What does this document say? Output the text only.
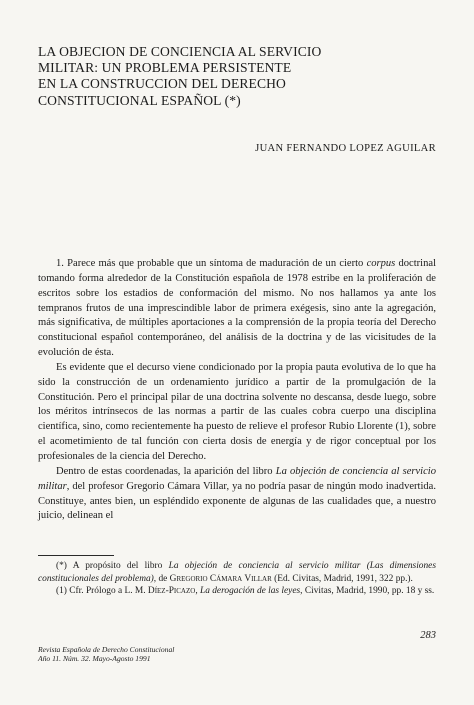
LA OBJECION DE CONCIENCIA AL SERVICIO
MILITAR: UN PROBLEMA PERSISTENTE
EN LA CONSTRUCCION DEL DERECHO
CONSTITUCIONAL ESPAÑOL (*)
JUAN FERNANDO LOPEZ AGUILAR

1. Parece más que probable que un síntoma de maduración de un cierto corpus doctrinal tomando forma alrededor de la Constitución española de 1978 estribe en la proliferación de escritos sobre los estadios de conformación del mismo. No nos hallamos ya ante los tempranos frutos de una imprescindible labor de primera exégesis, sino ante la agregación, más significativa, de múltiples aportaciones a la comprensión de la propia teoría del Derecho constitucional español contemporáneo, del análisis de la doctrina y de las vicisitudes de la evolución de ésta.

Es evidente que el decurso viene condicionado por la propia pauta evolutiva de lo que ha sido la construcción de un ordenamiento jurídico a partir de la promulgación de la Constitución. Pero el principal pilar de una doctrina solvente no descansa, desde luego, sobre los méritos intrínsecos de las normas a partir de las cuales cobra cuerpo una disciplina científica, sino, como recientemente ha puesto de relieve el profesor Rubio Llorente (1), sobre el acometimiento de tal función con cierta dosis de energía y de rigor conceptual por los profesionales de la ciencia del Derecho.

Dentro de estas coordenadas, la aparición del libro La objeción de conciencia al servicio militar, del profesor Gregorio Cámara Villar, ya no podría pasar de ningún modo inadvertida. Constituye, antes bien, un espléndido exponente de algunas de las cualidades que, a nuestro juicio, delinean el

(*) A propósito del libro La objeción de conciencia al servicio militar (Las dimensiones constitucionales del problema), de Gregorio Cámara Villar (Ed. Civitas, Madrid, 1991, 322 pp.).

(1) Cfr. Prólogo a L. M. Díez-Picazo, La derogación de las leyes, Civitas, Madrid, 1990, pp. 18 y ss.

283
Revista Española de Derecho Constitucional
Año 11. Núm. 32. Mayo-Agosto 1991
